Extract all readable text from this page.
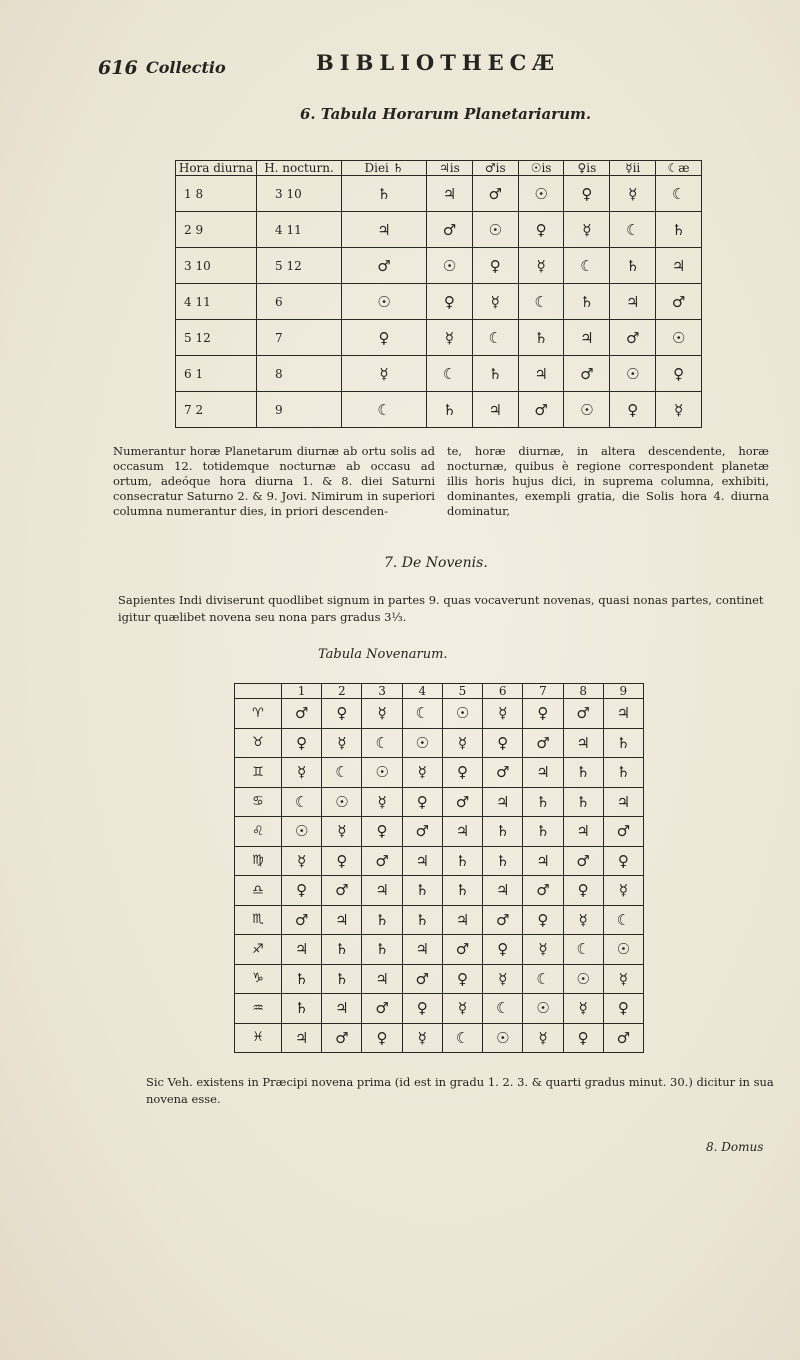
616 Collectio	BIBLIOTHECÆ
6. Tabula Horarum Planetariarum.
Hora diurna	H. nocturn.	Diei ♄	♃is	♂is	☉is	♀is	☿ii	☾æ
1 8	3 10	♄	♃	♂	☉	♀	☿	☾
2 9	4 11	♃	♂	☉	♀	☿	☾	♄
3 10	5 12	♂	☉	♀	☿	☾	♄	♃
4 11	6	☉	♀	☿	☾	♄	♃	♂
5 12	7	♀	☿	☾	♄	♃	♂	☉
6 1	8	☿	☾	♄	♃	♂	☉	♀
7 2	9	☾	♄	♃	♂	☉	♀	☿
Numerantur horæ Planetarum diurnæ ab ortu solis ad occasum 12. totidemque nocturnæ ab occasu ad ortum, adeóque hora diurna 1. & 8. diei Saturni consecratur Saturno 2. & 9. Jovi. Nimirum in superiori columna numerantur dies, in priori descenden-
te, horæ diurnæ, in altera descendente, horæ nocturnæ, quibus è regione correspondent planetæ illis horis hujus dici, in suprema columna, exhibiti, dominantes, exempli gratia, die Solis hora 4. diurna dominatur,
7. De Novenis.
Sapientes Indi diviserunt quodlibet signum in partes 9. quas vocaverunt novenas, quasi nonas partes, continet igitur quælibet novena seu nona pars gradus 3⅓.
Tabula Novenarum.
	1	2	3	4	5	6	7	8	9
♈	♂	♀	☿	☾	☉	☿	♀	♂	♃
♉	♀	☿	☾	☉	☿	♀	♂	♃	♄
♊	☿	☾	☉	☿	♀	♂	♃	♄	♄
♋	☾	☉	☿	♀	♂	♃	♄	♄	♃
♌	☉	☿	♀	♂	♃	♄	♄	♃	♂
♍	☿	♀	♂	♃	♄	♄	♃	♂	♀
♎	♀	♂	♃	♄	♄	♃	♂	♀	☿
♏	♂	♃	♄	♄	♃	♂	♀	☿	☾
♐	♃	♄	♄	♃	♂	♀	☿	☾	☉
♑	♄	♄	♃	♂	♀	☿	☾	☉	☿
♒	♄	♃	♂	♀	☿	☾	☉	☿	♀
♓	♃	♂	♀	☿	☾	☉	☿	♀	♂
Sic Veh. existens in Præcipi novena prima (id est in gradu 1. 2. 3. & quarti gradus minut. 30.) dicitur in sua novena esse.
8. Domus
